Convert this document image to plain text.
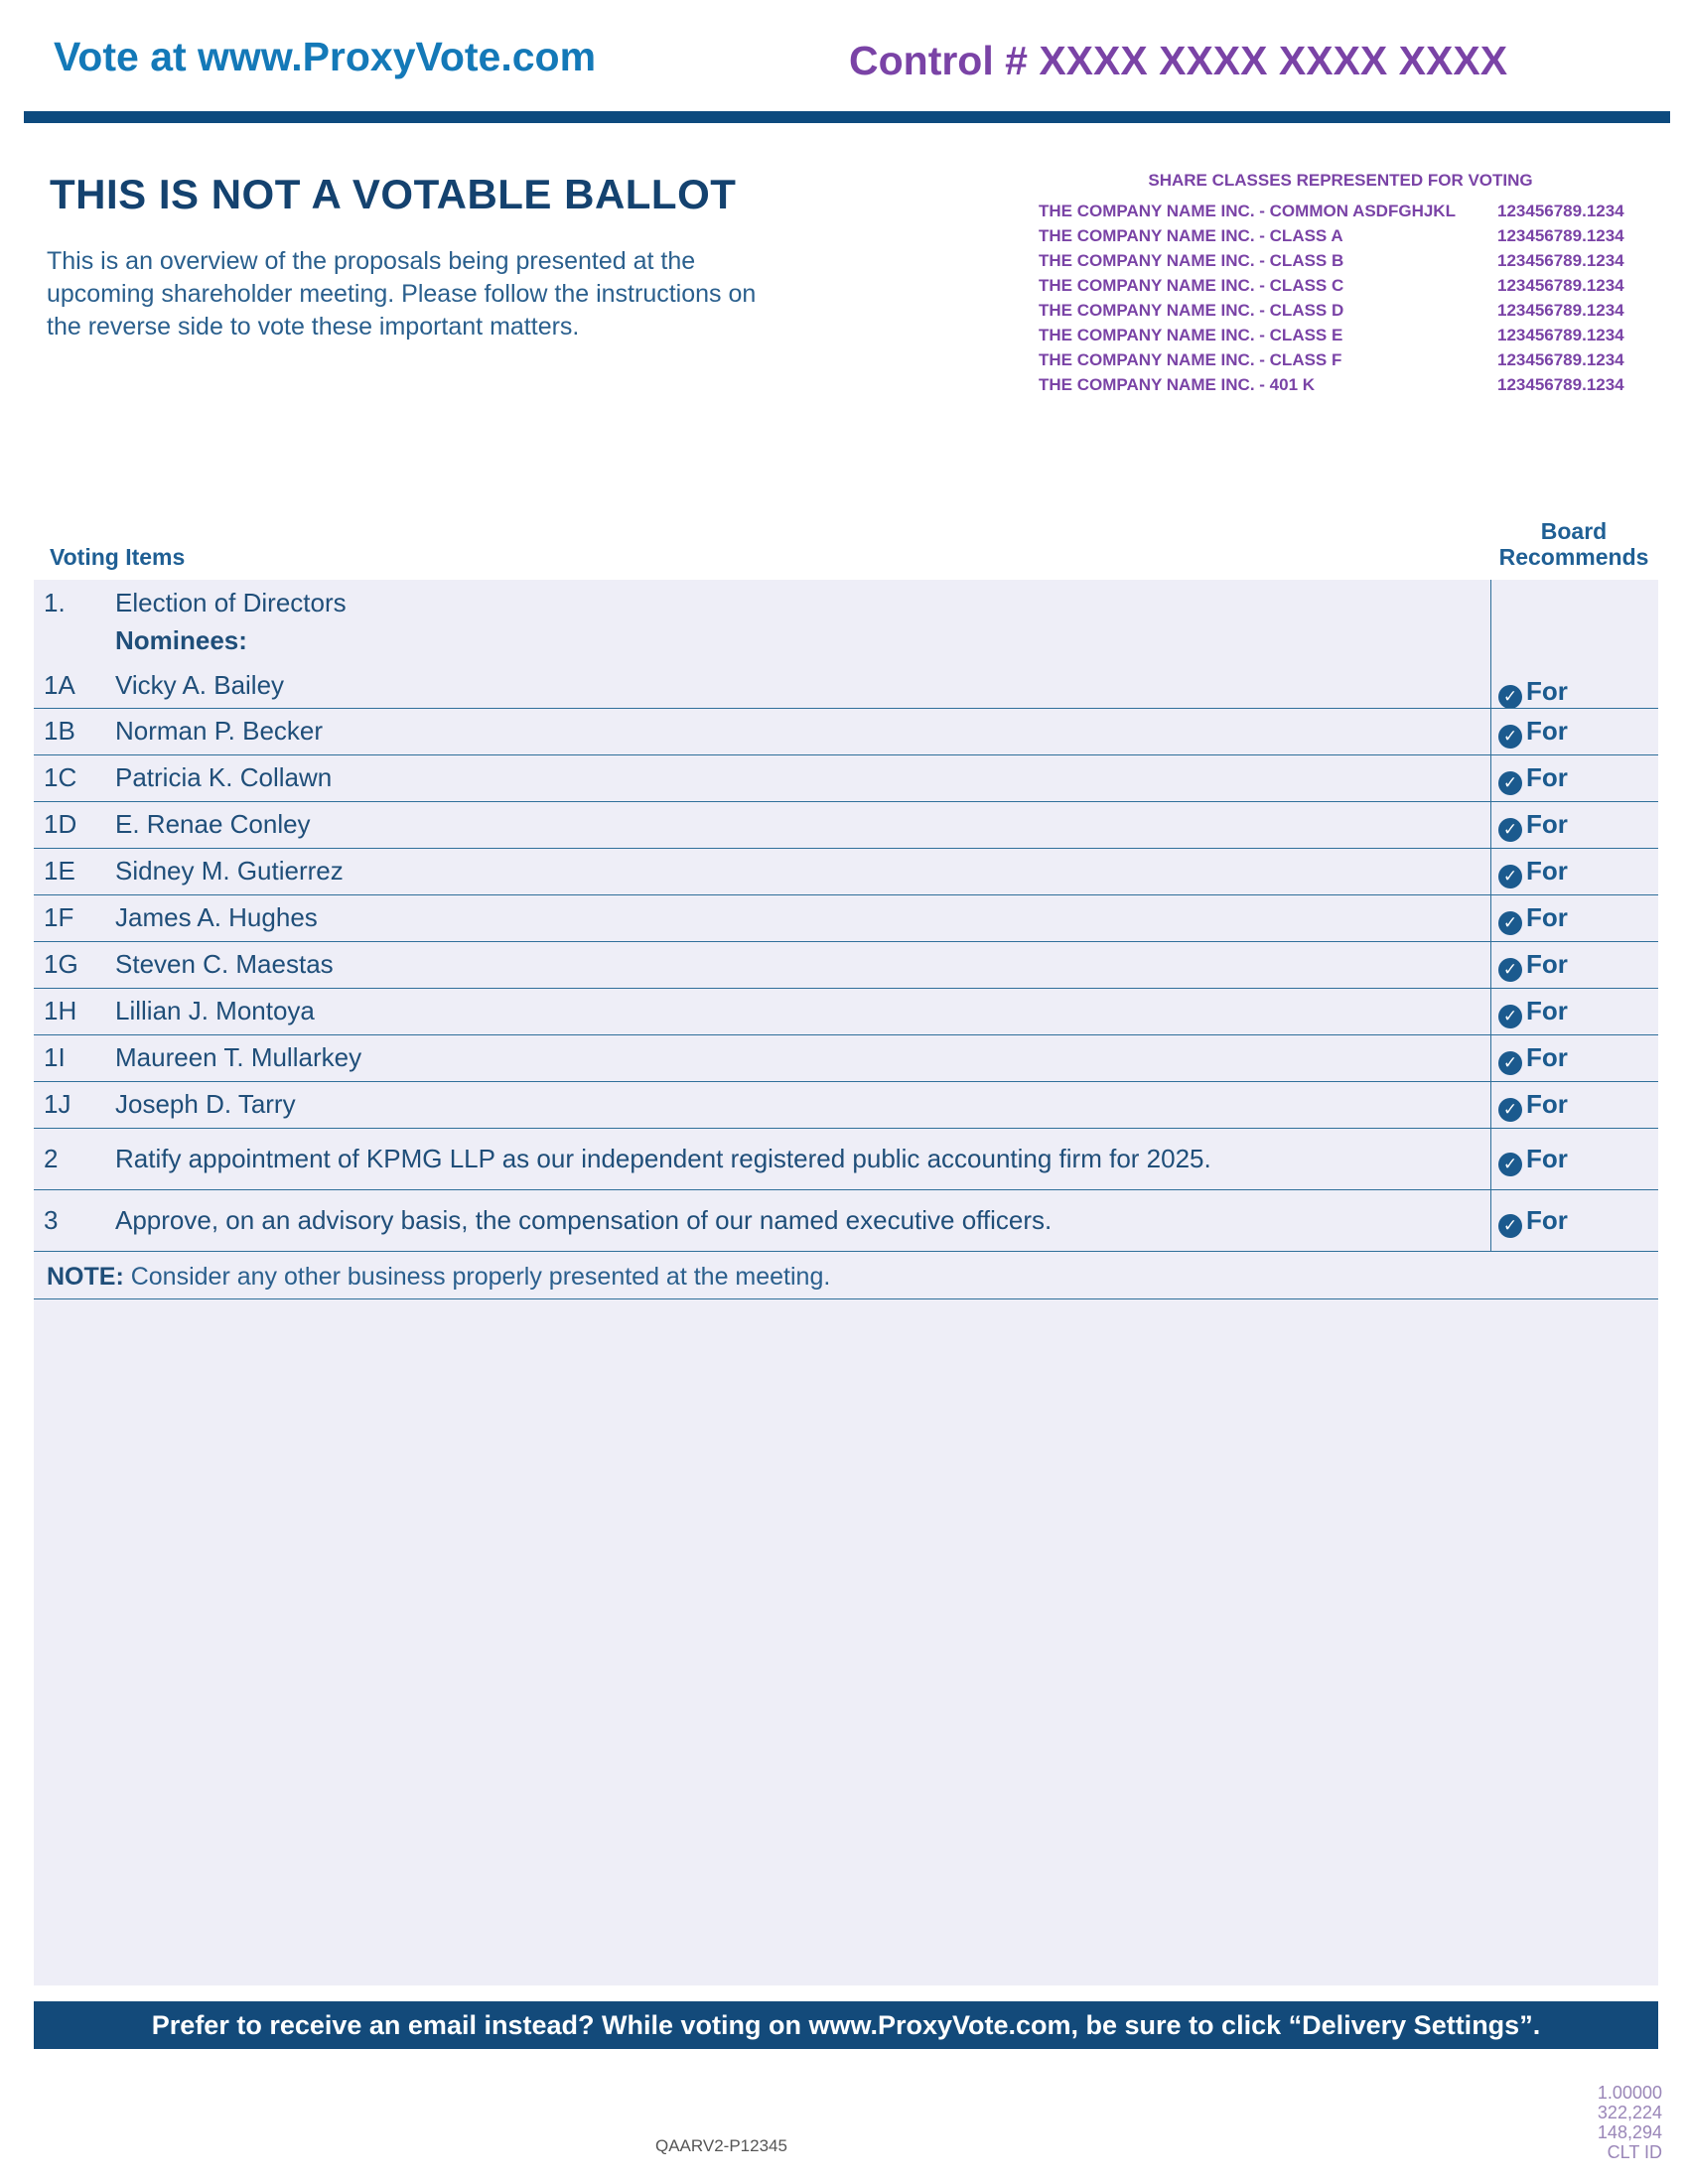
Vote at www.ProxyVote.com	Control # XXXX XXXX XXXX XXXX
THIS IS NOT A VOTABLE BALLOT
This is an overview of the proposals being presented at the
upcoming shareholder meeting. Please follow the instructions on
the reverse side to vote these important matters.
SHARE CLASSES REPRESENTED FOR VOTING
THE COMPANY NAME INC. - COMMON ASDFGHJKL	123456789.1234
THE COMPANY NAME INC. - CLASS A	123456789.1234
THE COMPANY NAME INC. - CLASS B	123456789.1234
THE COMPANY NAME INC. - CLASS C	123456789.1234
THE COMPANY NAME INC. - CLASS D	123456789.1234
THE COMPANY NAME INC. - CLASS E	123456789.1234
THE COMPANY NAME INC. - CLASS F	123456789.1234
THE COMPANY NAME INC. - 401 K	123456789.1234
Voting Items
Board
Recommends
1. Election of Directors
Nominees:
1A Vicky A. Bailey	✓ For
1B Norman P. Becker	✓ For
1C Patricia K. Collawn	✓ For
1D E. Renae Conley	✓ For
1E Sidney M. Gutierrez	✓ For
1F James A. Hughes	✓ For
1G Steven C. Maestas	✓ For
1H Lillian J. Montoya	✓ For
1I Maureen T. Mullarkey	✓ For
1J Joseph D. Tarry	✓ For
2 Ratify appointment of KPMG LLP as our independent registered public accounting firm for 2025.	✓ For
3 Approve, on an advisory basis, the compensation of our named executive officers.	✓ For
NOTE: Consider any other business properly presented at the meeting.
Prefer to receive an email instead? While voting on www.ProxyVote.com, be sure to click “Delivery Settings”.
QAARV2-P12345
1.00000
322,224
148,294
CLT ID
